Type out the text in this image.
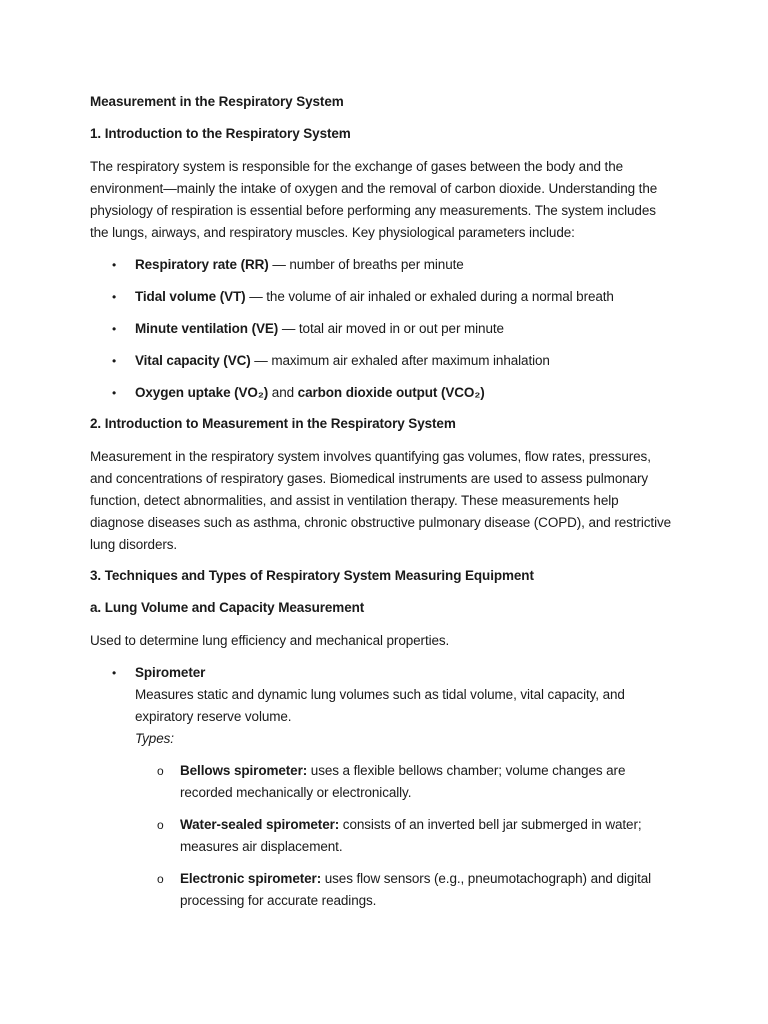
Measurement in the Respiratory System
1. Introduction to the Respiratory System
The respiratory system is responsible for the exchange of gases between the body and the environment—mainly the intake of oxygen and the removal of carbon dioxide. Understanding the physiology of respiration is essential before performing any measurements. The system includes the lungs, airways, and respiratory muscles. Key physiological parameters include:
• Respiratory rate (RR) — number of breaths per minute
• Tidal volume (VT) — the volume of air inhaled or exhaled during a normal breath
• Minute ventilation (VE) — total air moved in or out per minute
• Vital capacity (VC) — maximum air exhaled after maximum inhalation
• Oxygen uptake (VO₂) and carbon dioxide output (VCO₂)
2. Introduction to Measurement in the Respiratory System
Measurement in the respiratory system involves quantifying gas volumes, flow rates, pressures, and concentrations of respiratory gases. Biomedical instruments are used to assess pulmonary function, detect abnormalities, and assist in ventilation therapy. These measurements help diagnose diseases such as asthma, chronic obstructive pulmonary disease (COPD), and restrictive lung disorders.
3. Techniques and Types of Respiratory System Measuring Equipment
a. Lung Volume and Capacity Measurement
Used to determine lung efficiency and mechanical properties.
• Spirometer
Measures static and dynamic lung volumes such as tidal volume, vital capacity, and expiratory reserve volume.
Types:
o Bellows spirometer: uses a flexible bellows chamber; volume changes are recorded mechanically or electronically.
o Water-sealed spirometer: consists of an inverted bell jar submerged in water; measures air displacement.
o Electronic spirometer: uses flow sensors (e.g., pneumotachograph) and digital processing for accurate readings.
